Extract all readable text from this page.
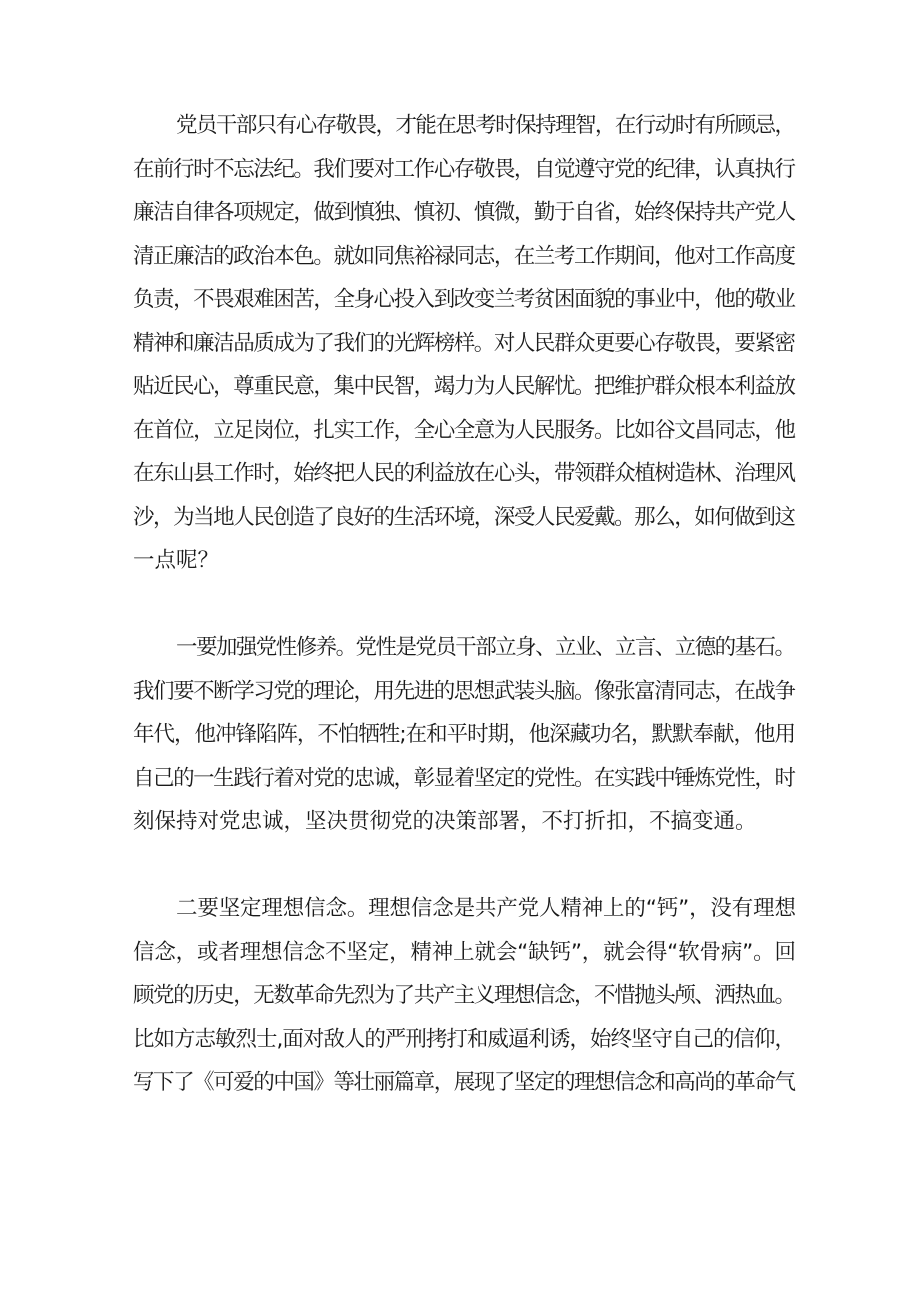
党员干部只有心存敬畏，才能在思考时保持理智，在行动时有所顾忌，
在前行时不忘法纪。我们要对工作心存敬畏，自觉遵守党的纪律，认真执行
廉洁自律各项规定，做到慎独、慎初、慎微，勤于自省，始终保持共产党人
清正廉洁的政治本色。就如同焦裕禄同志，在兰考工作期间，他对工作高度
负责，不畏艰难困苦，全身心投入到改变兰考贫困面貌的事业中，他的敬业
精神和廉洁品质成为了我们的光辉榜样。对人民群众更要心存敬畏，要紧密
贴近民心，尊重民意，集中民智，竭力为人民解忧。把维护群众根本利益放
在首位，立足岗位，扎实工作，全心全意为人民服务。比如谷文昌同志，他
在东山县工作时，始终把人民的利益放在心头，带领群众植树造林、治理风
沙，为当地人民创造了良好的生活环境，深受人民爱戴。那么，如何做到这
一点呢？

一要加强党性修养。党性是党员干部立身、立业、立言、立德的基石。
我们要不断学习党的理论，用先进的思想武装头脑。像张富清同志，在战争
年代，他冲锋陷阵，不怕牺牲;在和平时期，他深藏功名，默默奉献，他用
自己的一生践行着对党的忠诚，彰显着坚定的党性。在实践中锤炼党性，时
刻保持对党忠诚，坚决贯彻党的决策部署，不打折扣，不搞变通。

二要坚定理想信念。理想信念是共产党人精神上的“钙”，没有理想
信念，或者理想信念不坚定，精神上就会“缺钙”，就会得“软骨病”。回
顾党的历史，无数革命先烈为了共产主义理想信念，不惜抛头颅、洒热血。
比如方志敏烈士,面对敌人的严刑拷打和威逼利诱，始终坚守自己的信仰，
写下了《可爱的中国》等壮丽篇章，展现了坚定的理想信念和高尚的革命气
